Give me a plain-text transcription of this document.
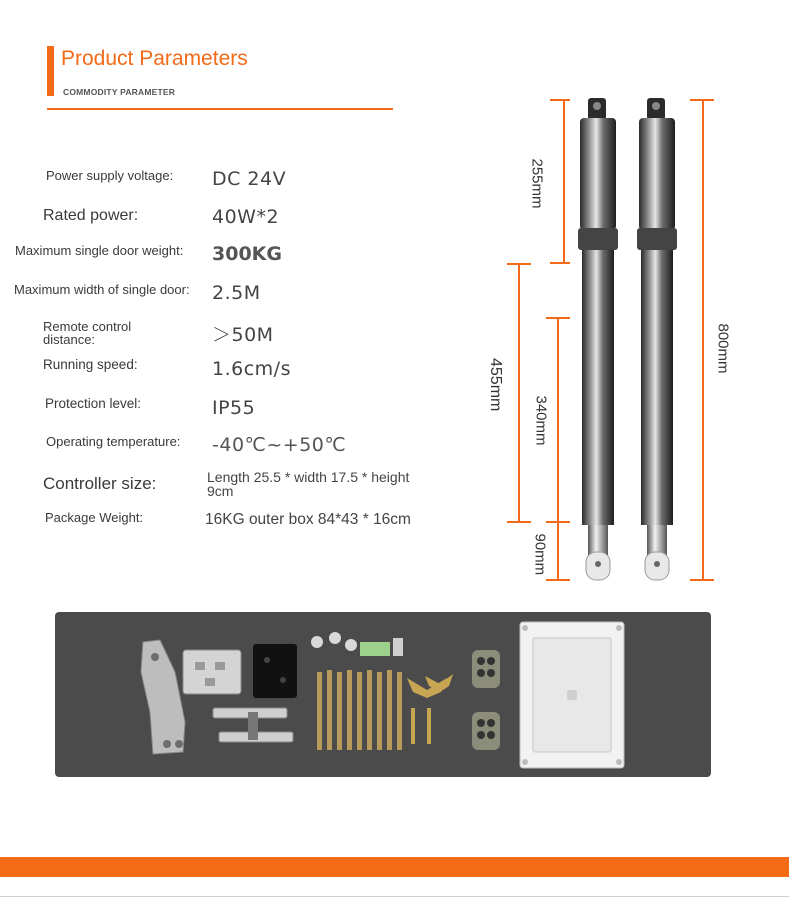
Product Parameters
COMMODITY PARAMETER
Power supply voltage: DC 24V
Rated power:	40W*2
Maximum single door weight: 300KG
Maximum width of single door: 2.5M
Remote control
distance:	＞50M
Running speed:	1.6cm/s
Protection level:	IP55
Operating temperature: -40℃~+50℃
Controller size:	Length 25.5 * width 17.5 * height
9cm
Package Weight:	16KG outer box 84*43 * 16cm
255mm
455mm
340mm
90mm
800mm
